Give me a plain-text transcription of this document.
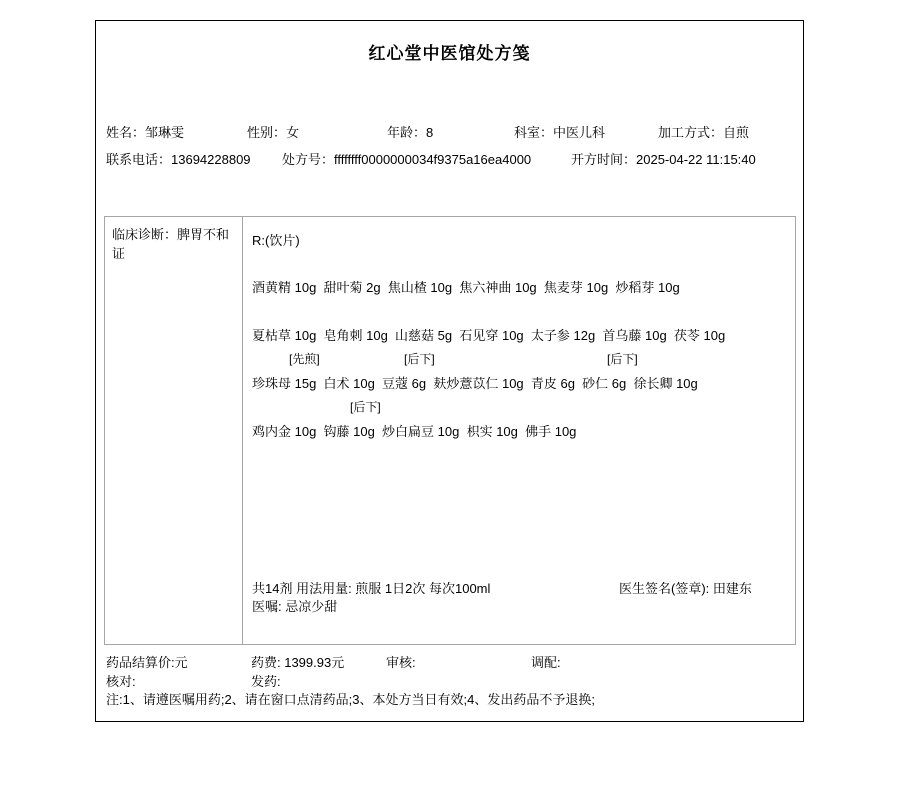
红心堂中医馆处方笺
姓名：邹琳雯	性别：女	年龄：8	科室：中医儿科	加工方式：自煎
联系电话：13694228809 处方号：ffffffff0000000034f9375a16ea4000	开方时间：2025-04-22 11:15:40
临床诊断：脾胃不和证
R:(饮片)
酒黄精 10g  甜叶菊 2g  焦山楂 10g  焦六神曲 10g  焦麦芽 10g  炒稻芽 10g
夏枯草 10g  皂角刺 10g  山慈菇 5g  石见穿 10g  太子参 12g  首乌藤 10g  茯苓 10g
[先煎]	[后下]	[后下]
珍珠母 15g  白术 10g  豆蔻 6g  麸炒薏苡仁 10g  青皮 6g  砂仁 6g  徐长卿 10g
[后下]
鸡内金 10g  钩藤 10g  炒白扁豆 10g  枳实 10g  佛手 10g
共14剂 用法用量: 煎服 1日2次 每次100ml	医生签名(签章): 田建东
医嘱: 忌凉少甜
药品结算价:元	药费: 1399.93元	审核:	调配:
核对:	发药:
注:1、请遵医嘱用药;2、请在窗口点清药品;3、本处方当日有效;4、发出药品不予退换;
